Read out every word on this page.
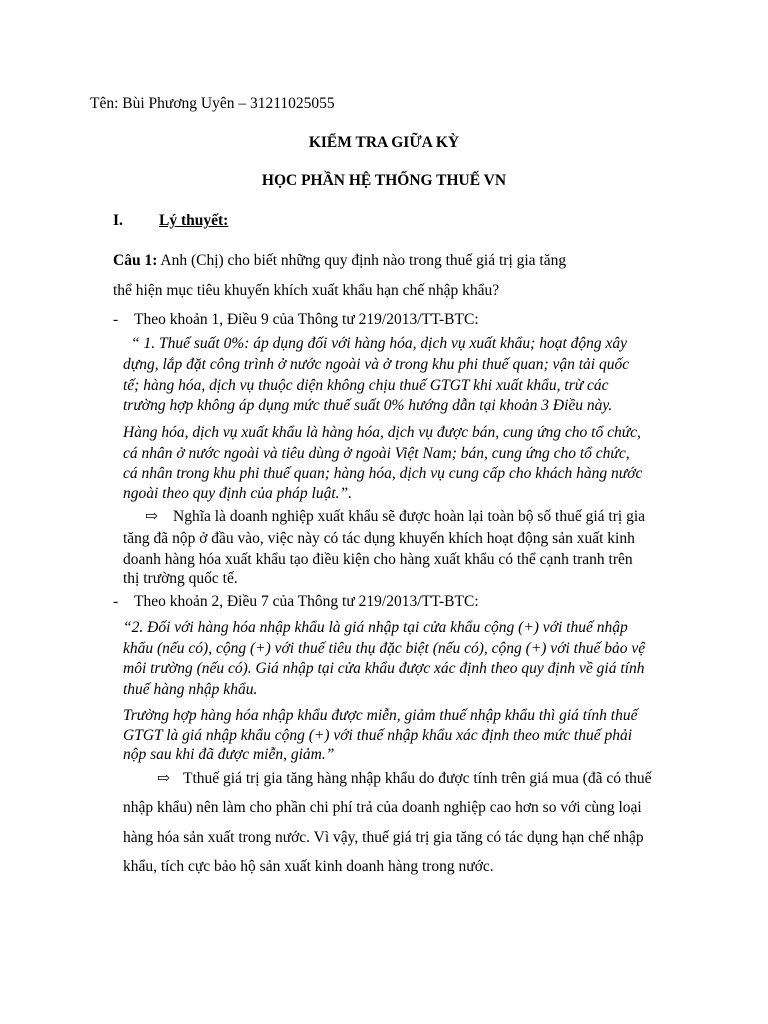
Tên: Bùi Phương Uyên – 31211025055
KIỂM TRA GIỮA KỲ
HỌC PHẦN HỆ THỐNG THUẾ VN
I. Lý thuyết:
Câu 1: Anh (Chị) cho biết những quy định nào trong thuế giá trị gia tăng
thể hiện mục tiêu khuyến khích xuất khẩu hạn chế nhập khẩu?
- Theo khoản 1, Điều 9 của Thông tư 219/2013/TT-BTC:
“ 1. Thuế suất 0%: áp dụng đối với hàng hóa, dịch vụ xuất khẩu; hoạt động xây
dựng, lắp đặt công trình ở nước ngoài và ở trong khu phi thuế quan; vận tải quốc
tế; hàng hóa, dịch vụ thuộc diện không chịu thuế GTGT khi xuất khẩu, trừ các
trường hợp không áp dụng mức thuế suất 0% hướng dẫn tại khoản 3 Điều này.
Hàng hóa, dịch vụ xuất khẩu là hàng hóa, dịch vụ được bán, cung ứng cho tổ chức,
cá nhân ở nước ngoài và tiêu dùng ở ngoài Việt Nam; bán, cung ứng cho tổ chức,
cá nhân trong khu phi thuế quan; hàng hóa, dịch vụ cung cấp cho khách hàng nước
ngoài theo quy định của pháp luật.”.
⇨ Nghĩa là doanh nghiệp xuất khẩu sẽ được hoàn lại toàn bộ số thuế giá trị gia
tăng đã nộp ở đầu vào, việc này có tác dụng khuyến khích hoạt động sản xuất kinh
doanh hàng hóa xuất khẩu tạo điều kiện cho hàng xuất khẩu có thể cạnh tranh trên
thị trường quốc tế.
- Theo khoản 2, Điều 7 của Thông tư 219/2013/TT-BTC:
“2. Đối với hàng hóa nhập khẩu là giá nhập tại cửa khẩu cộng (+) với thuế nhập
khẩu (nếu có), cộng (+) với thuế tiêu thụ đặc biệt (nếu có), cộng (+) với thuế bảo vệ
môi trường (nếu có). Giá nhập tại cửa khẩu được xác định theo quy định về giá tính
thuế hàng nhập khẩu.
Trường hợp hàng hóa nhập khẩu được miễn, giảm thuế nhập khẩu thì giá tính thuế
GTGT là giá nhập khẩu cộng (+) với thuế nhập khẩu xác định theo mức thuế phải
nộp sau khi đã được miễn, giảm.”
⇨ Tthuế giá trị gia tăng hàng nhập khẩu do được tính trên giá mua (đã có thuế
nhập khẩu) nên làm cho phần chi phí trả của doanh nghiệp cao hơn so với cùng loại
hàng hóa sản xuất trong nước. Vì vậy, thuế giá trị gia tăng có tác dụng hạn chế nhập
khẩu, tích cực bảo hộ sản xuất kinh doanh hàng trong nước.
